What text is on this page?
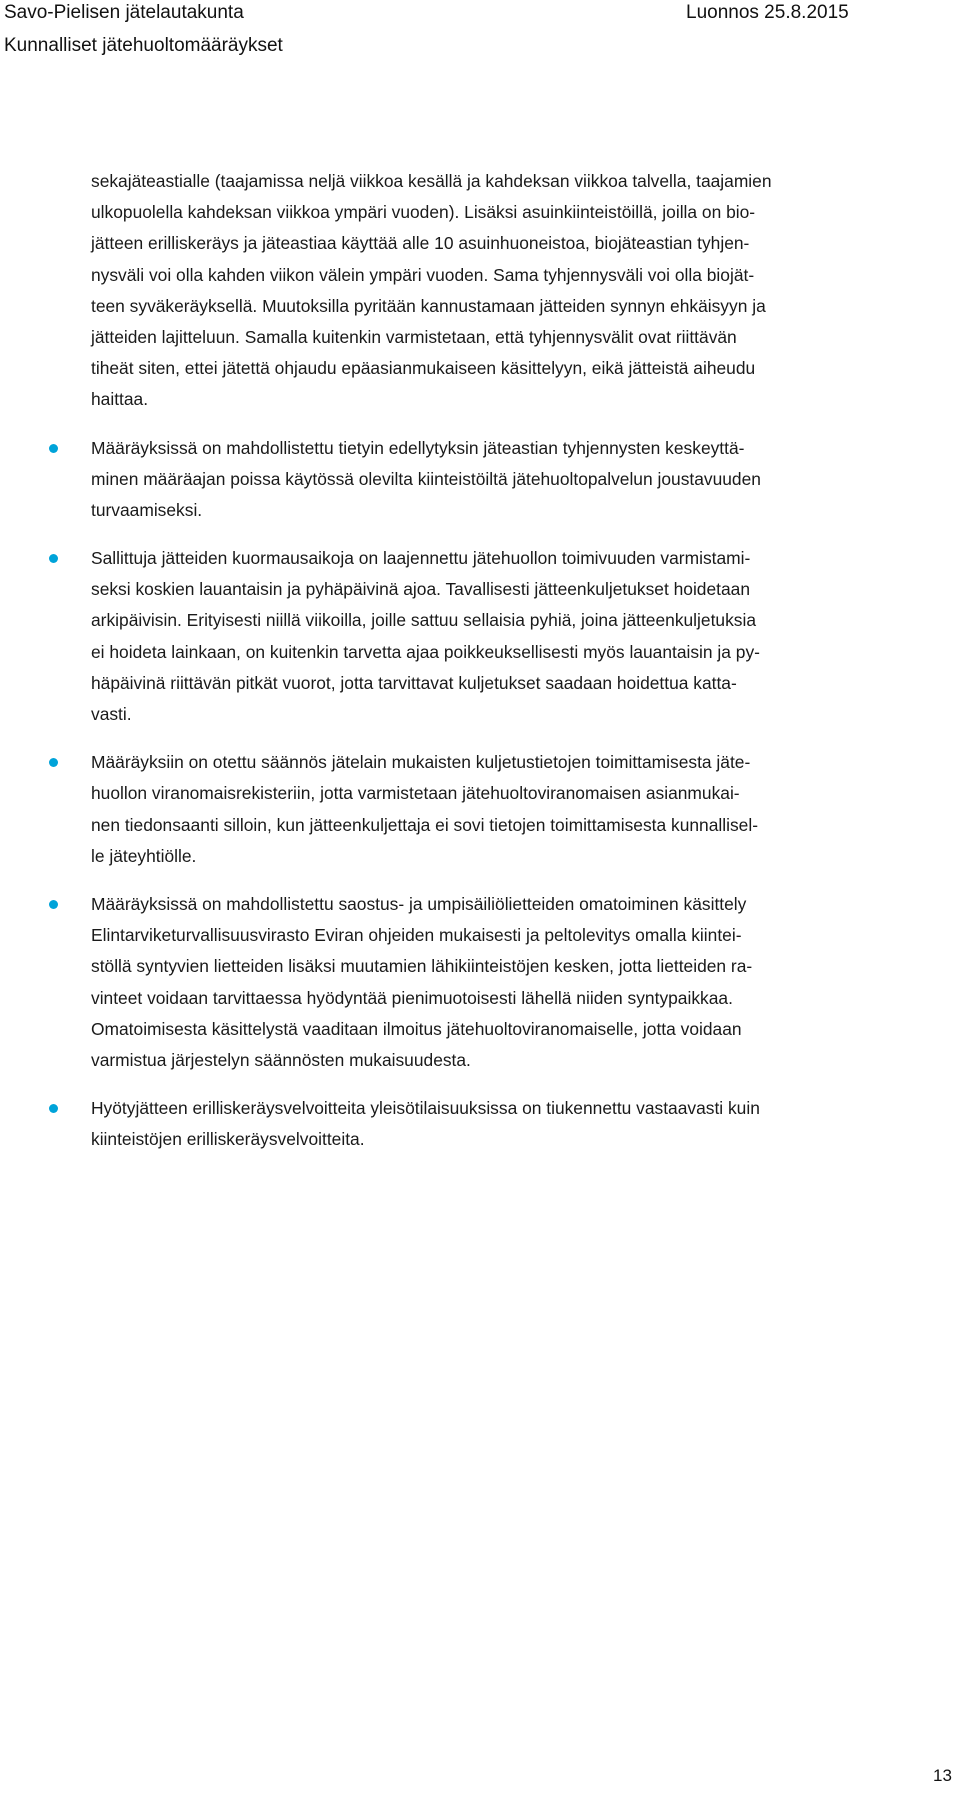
Savo-Pielisen jätelautakunta
Kunnalliset jätehuoltomääräykset
Luonnos 25.8.2015
sekajäteastialle (taajamissa neljä viikkoa kesällä ja kahdeksan viikkoa talvella, taajamien
ulkopuolella kahdeksan viikkoa ympäri vuoden). Lisäksi asuinkiinteistöillä, joilla on bio-
jätteen erilliskeräys ja jäteastiaa käyttää alle 10 asuinhuoneistoa, biojäteastian tyhjen-
nysväli voi olla kahden viikon välein ympäri vuoden. Sama tyhjennysväli voi olla biojät-
teen syväkeräyksellä. Muutoksilla pyritään kannustamaan jätteiden synnyn ehkäisyyn ja
jätteiden lajitteluun. Samalla kuitenkin varmistetaan, että tyhjennysvälit ovat riittävän
tiheät siten, ettei jätettä ohjaudu epäasianmukaiseen käsittelyyn, eikä jätteistä aiheudu
haittaa.
Määräyksissä on mahdollistettu tietyin edellytyksin jäteastian tyhjennysten keskeyttä-
minen määräajan poissa käytössä olevilta kiinteistöiltä jätehuoltopalvelun joustavuuden
turvaamiseksi.
Sallittuja jätteiden kuormausaikoja on laajennettu jätehuollon toimivuuden varmistami-
seksi koskien lauantaisin ja pyhäpäivinä ajoa. Tavallisesti jätteenkuljetukset hoidetaan
arkipäivisin. Erityisesti niillä viikoilla, joille sattuu sellaisia pyhiä, joina jätteenkuljetuksia
ei hoideta lainkaan, on kuitenkin tarvetta ajaa poikkeuksellisesti myös lauantaisin ja py-
häpäivinä riittävän pitkät vuorot, jotta tarvittavat kuljetukset saadaan hoidettua katta-
vasti.
Määräyksiin on otettu säännös jätelain mukaisten kuljetustietojen toimittamisesta jäte-
huollon viranomaisrekisteriin, jotta varmistetaan jätehuoltoviranomaisen asianmukai-
nen tiedonsaanti silloin, kun jätteenkuljettaja ei sovi tietojen toimittamisesta kunnallisel-
le jäteyhtiölle.
Määräyksissä on mahdollistettu saostus- ja umpisäiliölietteiden omatoiminen käsittely
Elintarviketurvallisuusvirasto Eviran ohjeiden mukaisesti ja peltolevitys omalla kiintei-
stöllä syntyvien lietteiden lisäksi muutamien lähikiinteistöjen kesken, jotta lietteiden ra-
vinteet voidaan tarvittaessa hyödyntää pienimuotoisesti lähellä niiden syntypaikkaa.
Omatoimisesta käsittelystä vaaditaan ilmoitus jätehuoltoviranomaiselle, jotta voidaan
varmistua järjestelyn säännösten mukaisuudesta.
Hyötyjätteen erilliskeräysvelvoitteita yleisötilaisuuksissa on tiukennettu vastaavasti kuin
kiinteistöjen erilliskeräysvelvoitteita.
13
